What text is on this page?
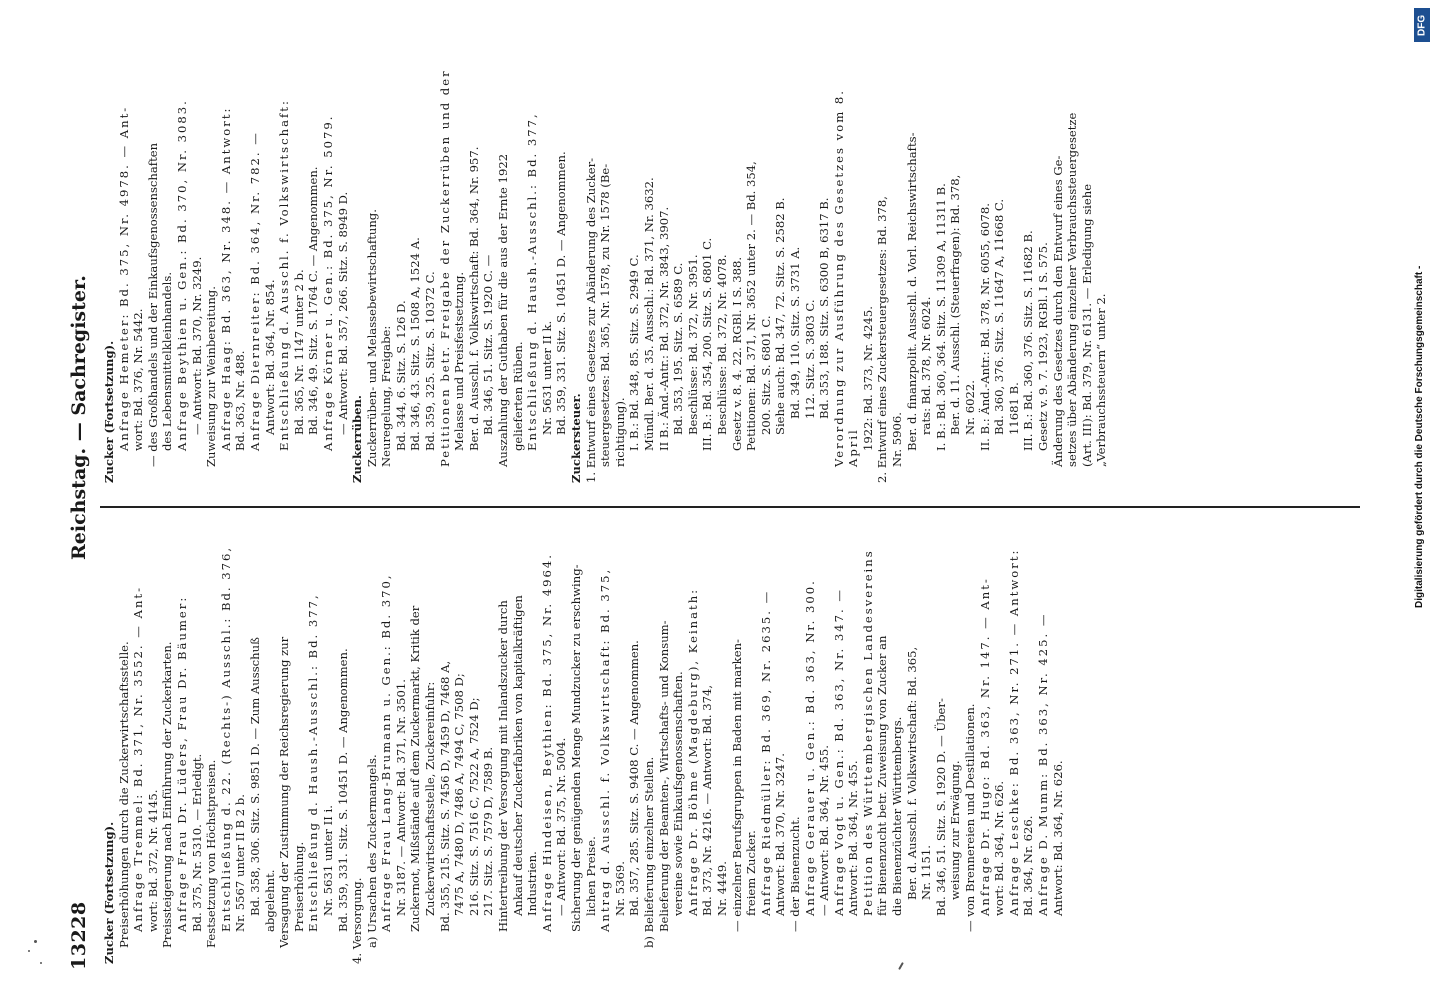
13228
Reichstag. — Sachregister.

Zucker (Fortsetzung). Preiserhöhungen durch die Zuckerwirtschaftsstelle. Anfrage Tremmel: Bd. 371, Nr. 3552. — Ant- wort: Bd. 372, Nr. 4145. Preissteigerung nach Einführung der Zuckerkarten. Anfrage Frau Dr. Lüders, Frau Dr. Bäumer: Bd. 375, Nr. 5310. — Erledigt. Festsetzung von Höchstpreisen. Entschließung d. 22. (Rechts-) Ausschl.: Bd. 376, Nr. 5567 unter II B 2 b. Bd. 358, 306. Sitz. S. 9851 D. — Zum Ausschuß abgelehnt. Versagung der Zustimmung der Reichsregierung zur Preiserhöhung. Entschließung d. Haush.-Ausschl.: Bd. 377, Nr. 5631 unter II i. Bd. 359, 331. Sitz. S. 10451 D. — Angenommen. 4. Versorgung. a) Ursachen des Zuckermangels. Anfrage Frau Lang-Brumann u. Gen.: Bd. 370, Nr. 3187. — Antwort: Bd. 371, Nr. 3501. Zuckernot, Mißstände auf dem Zuckermarkt, Kritik der Zuckerwirtschaftsstelle, Zuckereinfuhr: Bd. 355, 215. Sitz. S. 7456 D, 7459 D, 7468 A, 7475 A, 7480 D, 7486 A, 7494 C, 7508 D; 216. Sitz. S. 7516 C, 7522 A, 7524 D; 217. Sitz. S. 7579 D, 7589 B. Hintertreibung der Versorgung mit Inlandszucker durch Ankauf deutscher Zuckerfabriken von kapitalkräftigen Industrien. Anfrage Hindeisen, Beythien: Bd. 375, Nr. 4964. — Antwort: Bd. 375, Nr. 5004. Sicherung der genügenden Menge Mundzucker zu erschwing- lichen Preise. Antrag d. Ausschl. f. Volkswirtschaft: Bd. 375, Nr. 5369. Bd. 357, 285. Sitz. S. 9408 C. — Angenommen. b) Belieferung einzelner Stellen. Belieferung der Beamten-, Wirtschafts- und Konsum- vereine sowie Einkaufsgenossenschaften. Anfrage Dr. Böhme (Magdeburg), Keinath: Bd. 373, Nr. 4216. — Antwort: Bd. 374, Nr. 4449. — einzelner Berufsgruppen in Baden mit marken- freiem Zucker. Anfrage Riedmüller: Bd. 369, Nr. 2635. — Antwort: Bd. 370, Nr. 3247. — der Bienenzucht. Anfrage Gerauer u. Gen.: Bd. 363, Nr. 300. — Antwort: Bd. 364, Nr. 455. Anfrage Vogt u. Gen.: Bd. 363, Nr. 347. — Antwort: Bd. 364, Nr. 455. Petition des Württembergischen Landesvereins für Bienenzucht betr. Zuweisung von Zucker an die Bienenzüchter Württembergs. Ber. d. Ausschl. f. Volkswirtschaft: Bd. 365, Nr. 1151. Bd. 346, 51. Sitz. S. 1920 D. — Über- weisung zur Erwägung. — von Brennereien und Destillationen. Anfrage Dr. Hugo: Bd. 363, Nr. 147. — Ant- wort: Bd. 364, Nr. 626. Anfrage Leschke: Bd. 363, Nr. 271. — Antwort: Bd. 364, Nr. 626. Anfrage D. Mumm: Bd. 363, Nr. 425. — Antwort: Bd. 364, Nr. 626.

Zucker (Fortsetzung). Anfrage Hemeter: Bd. 375, Nr. 4978. — Ant- wort: Bd. 376, Nr. 5442. — des Großhandels und der Einkaufsgenossenschaften des Lebensmittelkleinhandels. Anfrage Beythien u. Gen.: Bd. 370, Nr. 3083. — Antwort: Bd. 370, Nr. 3249. Zuweisung zur Weinbereitung. Anfrage Haag: Bd. 363, Nr. 348. — Antwort: Bd. 363, Nr. 488. Anfrage Diernreiter: Bd. 364, Nr. 782. — Antwort: Bd. 364, Nr. 854. Entschließung d. Ausschl. f. Volkswirtschaft: Bd. 365, Nr. 1147 unter 2 b. Bd. 346, 49. Sitz. S. 1764 C. — Angenommen. Anfrage Körner u. Gen.: Bd. 375, Nr. 5079. — Antwort: Bd. 357, 266. Sitz. S. 8949 D.

Zuckerrüben. Zuckerrüben- und Melassebewirtschaftung. Neuregelung, Freigabe: Bd. 344, 6. Sitz. S. 126 D. Bd. 346, 43. Sitz. S. 1508 A, 1524 A. Bd. 359, 325. Sitz. S. 10372 C. Petitionen betr. Freigabe der Zuckerrüben und der Melasse und Preisfestsetzung. Ber. d. Ausschl. f. Volkswirtschaft: Bd. 364, Nr. 957. Bd. 346, 51. Sitz. S. 1920 C. — Auszahlung der Guthaben für die aus der Ernte 1922 gelieferten Rüben. Entschließung d. Haush.-Ausschl.: Bd. 377, Nr. 5631 unter II k. Bd. 359, 331. Sitz. S. 10451 D. — Angenommen.

Zuckersteuer. 1. Entwurf eines Gesetzes zur Abänderung des Zucker- steuergesetzes: Bd. 365, Nr. 1578, zu Nr. 1578 (Be- richtigung). I. B.: Bd. 348, 85. Sitz. S. 2949 C. Mündl. Ber. d. 35. Ausschl.: Bd. 371, Nr. 3632. II B.: Änd.-Antr.: Bd. 372, Nr. 3843, 3907. Bd. 353, 195. Sitz. S. 6589 C. Beschlüsse: Bd. 372, Nr. 3951. III. B.: Bd. 354, 200. Sitz. S. 6801 C. Beschlüsse: Bd. 372, Nr. 4078. Gesetz v. 8. 4. 22. RGBl. I S. 388. Petitionen: Bd. 371, Nr. 3652 unter 2. — Bd. 354, 200. Sitz. S. 6801 C. Siehe auch: Bd. 347, 72. Sitz. S. 2582 B. Bd. 349, 110. Sitz. S. 3731 A. 112. Sitz. S. 3803 C. Bd. 353, 188. Sitz. S. 6300 B, 6317 B. Verordnung zur Ausführung des Gesetzes vom 8. April 1922: Bd. 373, Nr. 4245. 2. Entwurf eines Zuckersteuergesetzes: Bd. 378, Nr. 5906. Ber. d. finanzpolit. Ausschl. d. Vorl. Reichswirtschafts- rats: Bd. 378, Nr. 6024. I. B.: Bd. 360, 364. Sitz. S. 11309 A, 11311 B. Ber. d. 11. Ausschl. (Steuerfragen): Bd. 378, Nr. 6022. II. B.: Änd.-Antr.: Bd. 378, Nr. 6055, 6078. Bd. 360, 376. Sitz. S. 11647 A, 11668 C. 11681 B. III. B.: Bd. 360, 376. Sitz. S. 11682 B. Gesetz v. 9. 7. 1923, RGBl. I S. 575. Änderung des Gesetzes durch den Entwurf eines Ge- setzes über Abänderung einzelner Verbrauchssteuergesetze (Art. III): Bd. 379, Nr. 6131. — Erledigung siehe „Verbrauchssteuern“ unter 2.

DFG
Digitalisierung gefördert durch die Deutsche Forschungsgemeinschaft -
